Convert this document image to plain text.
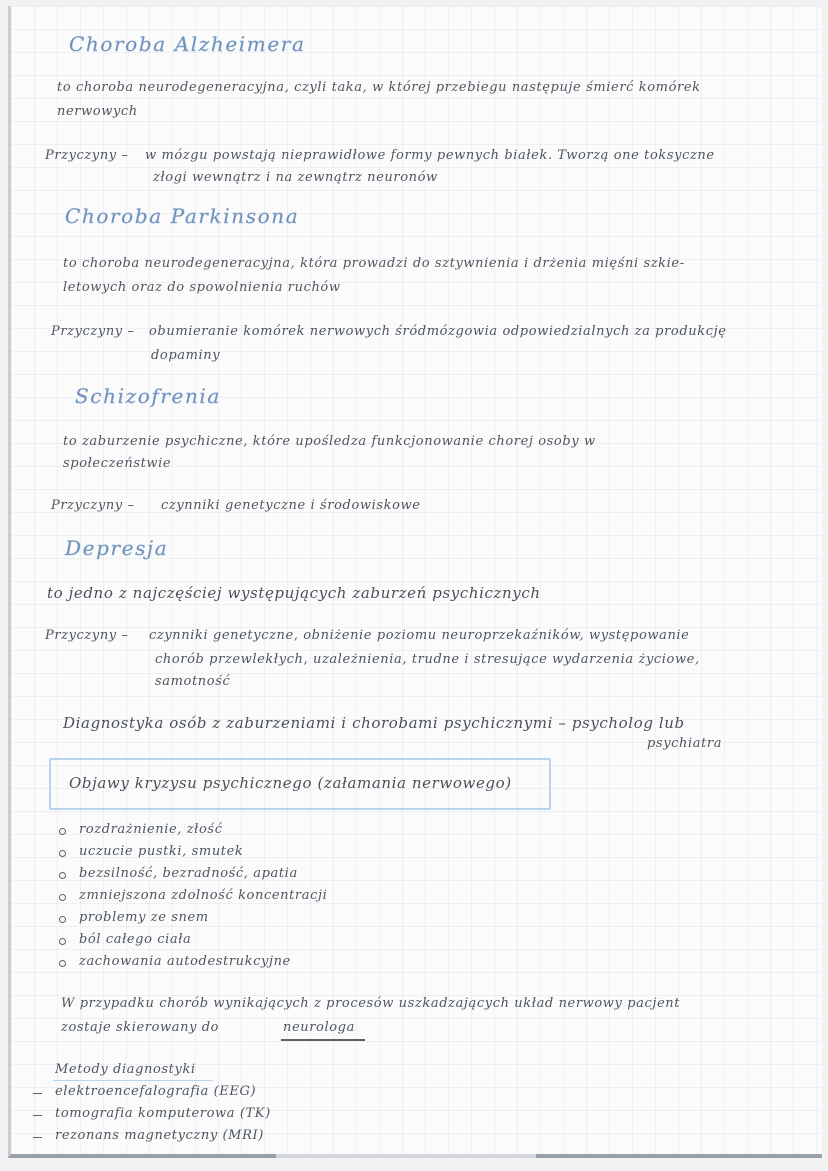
Choroba Alzheimera
to choroba neurodegeneracyjna, czyli taka, w której przebiegu następuje śmierć komórek
nerwowych
Przyczyny – w mózgu powstają nieprawidłowe formy pewnych białek. Tworzą one toksyczne
złogi wewnątrz i na zewnątrz neuronów
Choroba Parkinsona
to choroba neurodegeneracyjna, która prowadzi do sztywnienia i drżenia mięśni szkie-
letowych oraz do spowolnienia ruchów
Przyczyny – obumieranie komórek nerwowych śródmózgowia odpowiedzialnych za produkcję
dopaminy
Schizofrenia
to zaburzenie psychiczne, które upośledza funkcjonowanie chorej osoby w
społeczeństwie
Przyczyny – czynniki genetyczne i środowiskowe
Depresja
to jedno z najczęściej występujących zaburzeń psychicznych
Przyczyny – czynniki genetyczne, obniżenie poziomu neuroprzekaźników, występowanie
chorób przewlekłych, uzależnienia, trudne i stresujące wydarzenia życiowe,
samotność
Diagnostyka osób z zaburzeniami i chorobami psychicznymi – psycholog lub
psychiatra
Objawy kryzysu psychicznego (załamania nerwowego)
rozdrażnienie, złość
uczucie pustki, smutek
bezsilność, bezradność, apatia
zmniejszona zdolność koncentracji
problemy ze snem
ból całego ciała
zachowania autodestrukcyjne
W przypadku chorób wynikających z procesów uszkadzających układ nerwowy pacjent
zostaje skierowany do	neurologa
Metody diagnostyki
elektroencefalografia (EEG)
tomografia komputerowa (TK)
rezonans magnetyczny (MRI)
